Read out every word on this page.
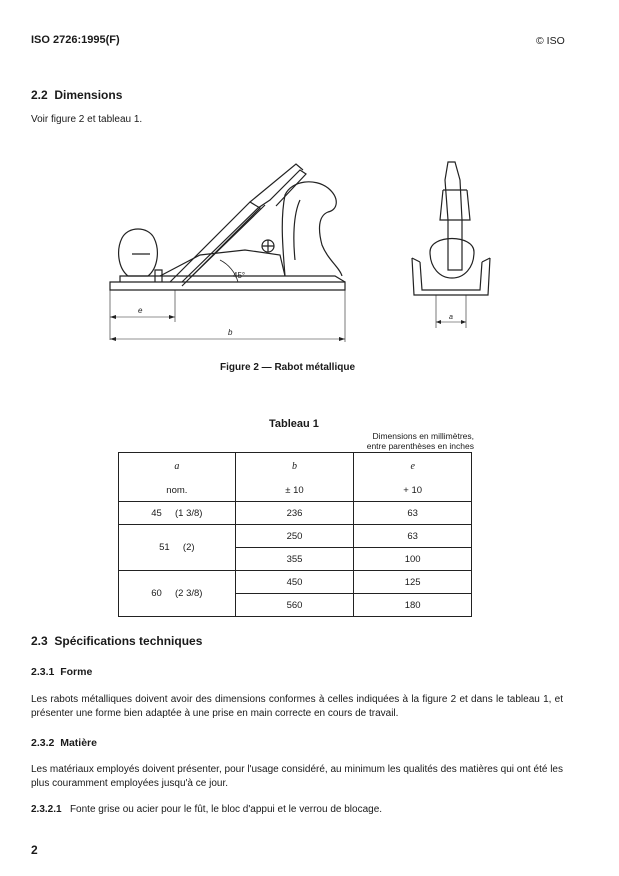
ISO 2726:1995(F)	© ISO
2.2 Dimensions
Voir figure 2 et tableau 1.
45°
e
b
a
Figure 2 — Rabot métallique
Tableau 1
Dimensions en millimètres,
entre parenthèses en inches
a	b	e
nom.	± 10	+ 10
45 (1 3/8)	236	63
51 (2)	250	63
	355	100
60 (2 3/8)	450	125
	560	180
2.3 Spécifications techniques
2.3.1 Forme
Les rabots métalliques doivent avoir des dimensions conformes à celles indiquées à la figure 2 et dans le tableau 1, et présenter une forme bien adaptée à une prise en main correcte en cours de travail.
2.3.2 Matière
Les matériaux employés doivent présenter, pour l'usage considéré, au minimum les qualités des matières qui ont été les plus couramment employées jusqu'à ce jour.
2.3.2.1 Fonte grise ou acier pour le fût, le bloc d'appui et le verrou de blocage.
2
